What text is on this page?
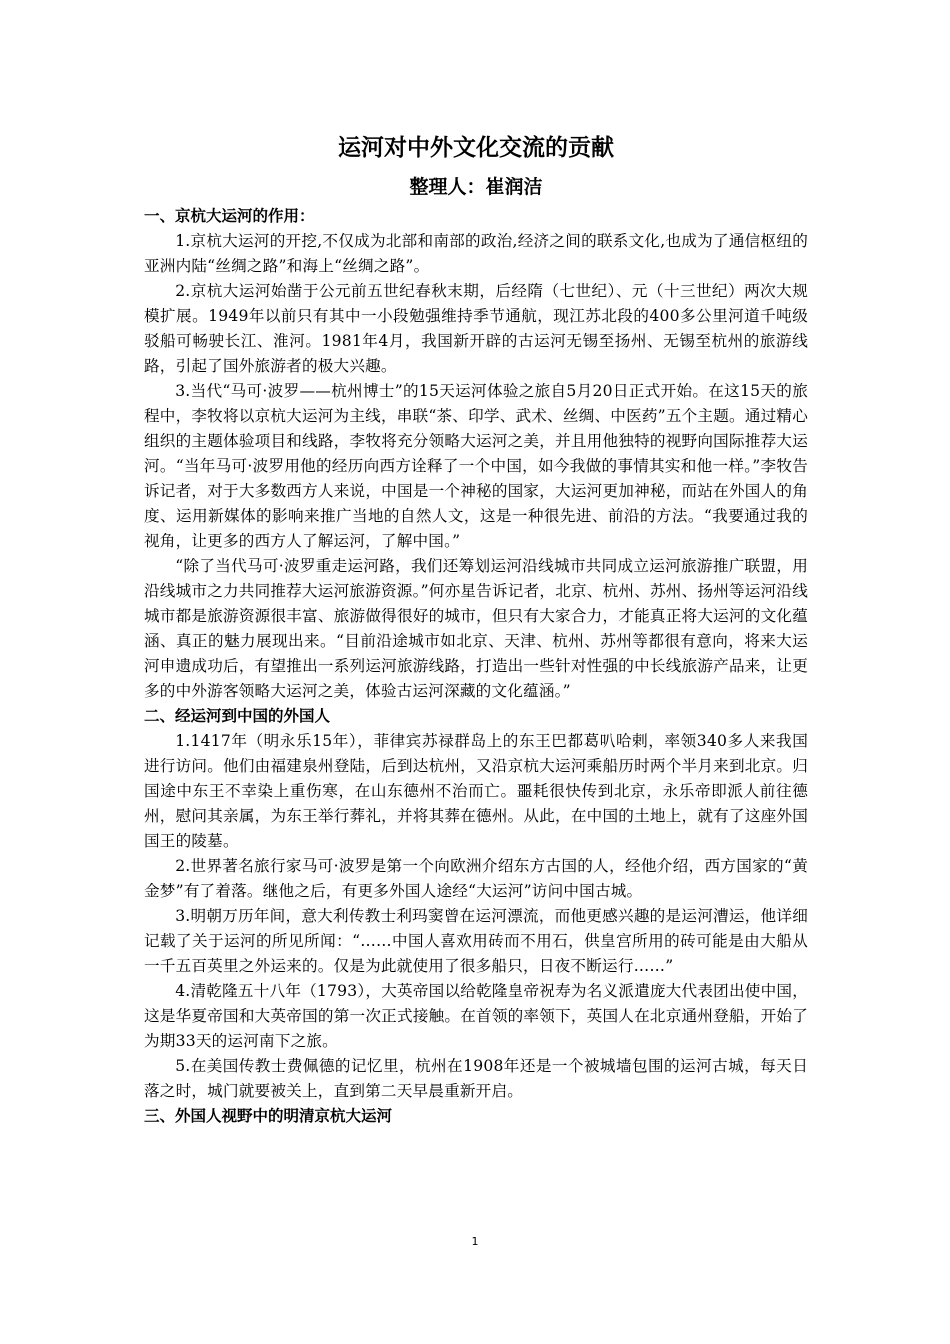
运河对中外文化交流的贡献
整理人：崔润洁
一、京杭大运河的作用：

1.京杭大运河的开挖,不仅成为北部和南部的政治,经济之间的联系文化,也成为了通信枢纽的亚洲内陆“丝绸之路”和海上“丝绸之路”。

2.京杭大运河始凿于公元前五世纪春秋末期，后经隋（七世纪）、元（十三世纪）两次大规模扩展。1949年以前只有其中一小段勉强维持季节通航，现江苏北段的400多公里河道千吨级驳船可畅驶长江、淮河。1981年4月，我国新开辟的古运河无锡至扬州、无锡至杭州的旅游线路，引起了国外旅游者的极大兴趣。

3.当代“马可·波罗——杭州博士”的15天运河体验之旅自5月20日正式开始。在这15天的旅程中，李牧将以京杭大运河为主线，串联“茶、印学、武术、丝绸、中医药”五个主题。通过精心组织的主题体验项目和线路，李牧将充分领略大运河之美，并且用他独特的视野向国际推荐大运河。“当年马可·波罗用他的经历向西方诠释了一个中国，如今我做的事情其实和他一样。”李牧告诉记者，对于大多数西方人来说，中国是一个神秘的国家，大运河更加神秘，而站在外国人的角度、运用新媒体的影响来推广当地的自然人文，这是一种很先进、前沿的方法。“我要通过我的视角，让更多的西方人了解运河，了解中国。”

“除了当代马可·波罗重走运河路，我们还筹划运河沿线城市共同成立运河旅游推广联盟，用沿线城市之力共同推荐大运河旅游资源。”何亦星告诉记者，北京、杭州、苏州、扬州等运河沿线城市都是旅游资源很丰富、旅游做得很好的城市，但只有大家合力，才能真正将大运河的文化蕴涵、真正的魅力展现出来。“目前沿途城市如北京、天津、杭州、苏州等都很有意向，将来大运河申遗成功后，有望推出一系列运河旅游线路，打造出一些针对性强的中长线旅游产品来，让更多的中外游客领略大运河之美，体验古运河深藏的文化蕴涵。”

二、经运河到中国的外国人

1.1417年（明永乐15年），菲律宾苏禄群岛上的东王巴都葛叭哈剌，率领340多人来我国进行访问。他们由福建泉州登陆，后到达杭州，又沿京杭大运河乘船历时两个半月来到北京。归国途中东王不幸染上重伤寒，在山东德州不治而亡。噩耗很快传到北京，永乐帝即派人前往德州，慰问其亲属，为东王举行葬礼，并将其葬在德州。从此，在中国的土地上，就有了这座外国国王的陵墓。

2.世界著名旅行家马可·波罗是第一个向欧洲介绍东方古国的人，经他介绍，西方国家的“黄金梦”有了着落。继他之后，有更多外国人途经“大运河”访问中国古城。

3.明朝万历年间，意大利传教士利玛窦曾在运河漂流，而他更感兴趣的是运河漕运，他详细记载了关于运河的所见所闻：“……中国人喜欢用砖而不用石，供皇宫所用的砖可能是由大船从一千五百英里之外运来的。仅是为此就使用了很多船只，日夜不断运行……”

4.清乾隆五十八年（1793），大英帝国以给乾隆皇帝祝寿为名义派遣庞大代表团出使中国，这是华夏帝国和大英帝国的第一次正式接触。在首领的率领下，英国人在北京通州登船，开始了为期33天的运河南下之旅。

5.在美国传教士费佩德的记忆里，杭州在1908年还是一个被城墙包围的运河古城，每天日落之时，城门就要被关上，直到第二天早晨重新开启。

三、外国人视野中的明清京杭大运河
1
